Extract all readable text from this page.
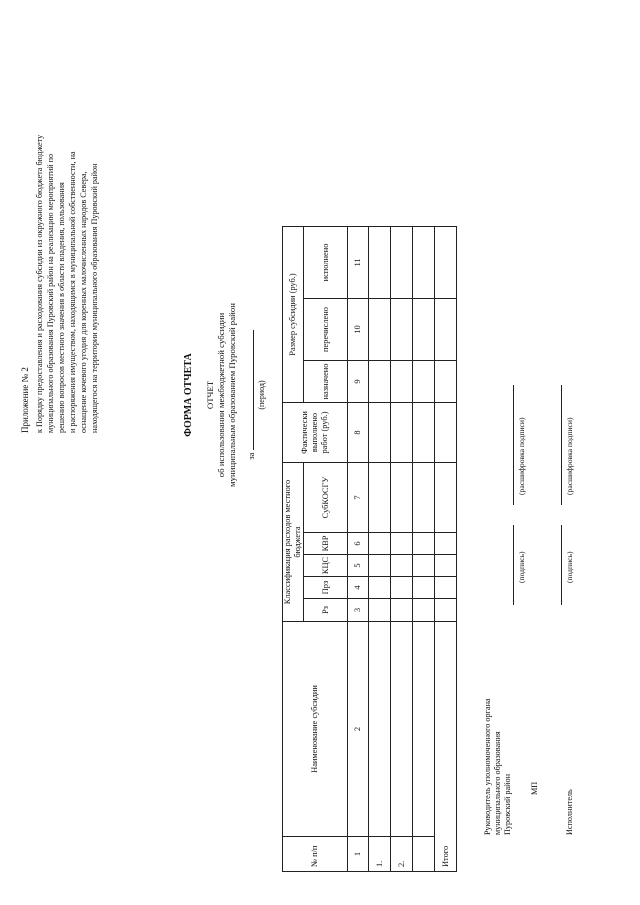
Приложение № 2 к Порядку предоставления и расходования субсидии из окружного бюджета бюджету муниципального образования Пуровский район на реализацию мероприятий по решению вопросов местного значения в области владения, пользования и распоряжения имуществом, находящимся в муниципальной собственности, на оснащение кочевого угодия для коренных малочисленных народов Севера, находящегося на территории муниципального образования Пуровский район	ФОРМА ОТЧЕТА ОТЧЕТ об использовании межбюджетной субсидии муниципальным образованием Пуровский район за
(период)
№ п/п	Наименование субсидии	Классификация расходов местного бюджета					Фактически выполнено работ (руб.)	Размер субсидии (руб.)		
		Рз	Прз	КЦС	КВР	СубКОСГУ		назначено	перечислено	исполнено
1	2	3	4	5	6	7	8	9	10	11
1.										
2.										

Итого										
Руководитель уполномоченного органа муниципального образования Пуровский район
(подпись)
(расшифровка подписи)
МП
Исполнитель
(подпись)
(расшифровка подписи)
